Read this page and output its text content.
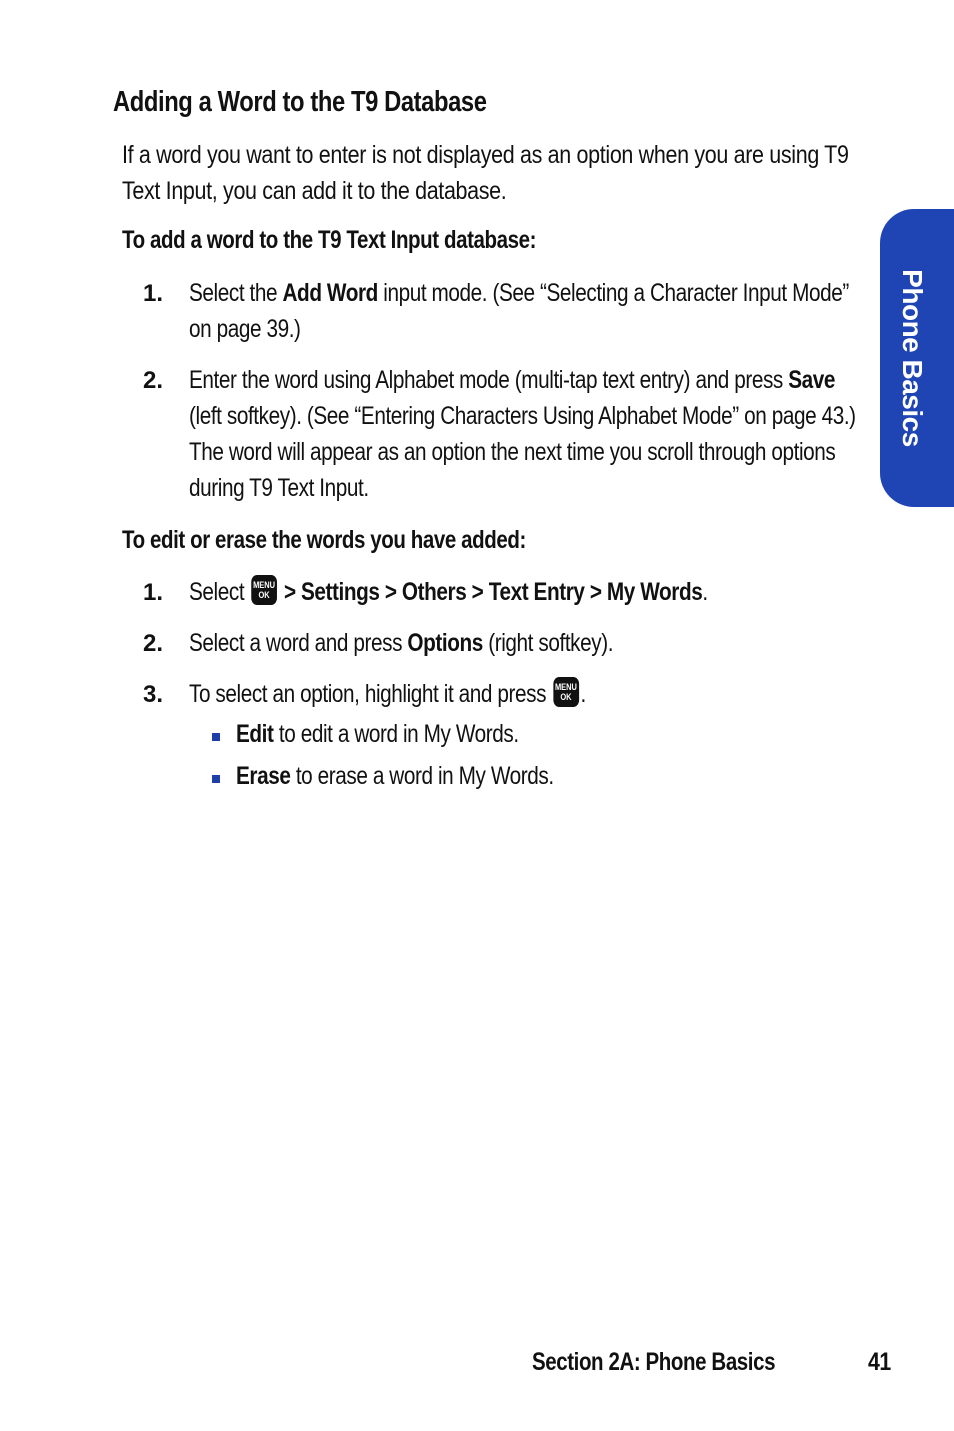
Adding a Word to the T9 Database
If a word you want to enter is not displayed as an option when you are using T9 Text Input, you can add it to the database.
To add a word to the T9 Text Input database:
1. Select the Add Word input mode. (See “Selecting a Character Input Mode” on page 39.)
2. Enter the word using Alphabet mode (multi-tap text entry) and press Save (left softkey). (See “Entering Characters Using Alphabet Mode” on page 43.) The word will appear as an option the next time you scroll through options during T9 Text Input.
To edit or erase the words you have added:
1. Select MENU
OK > Settings > Others > Text Entry > My Words.
2. Select a word and press Options (right softkey).
3. To select an option, highlight it and press MENU
OK .
Edit to edit a word in My Words.
Erase to erase a word in My Words.
Phone Basics
Section 2A: Phone Basics	41
